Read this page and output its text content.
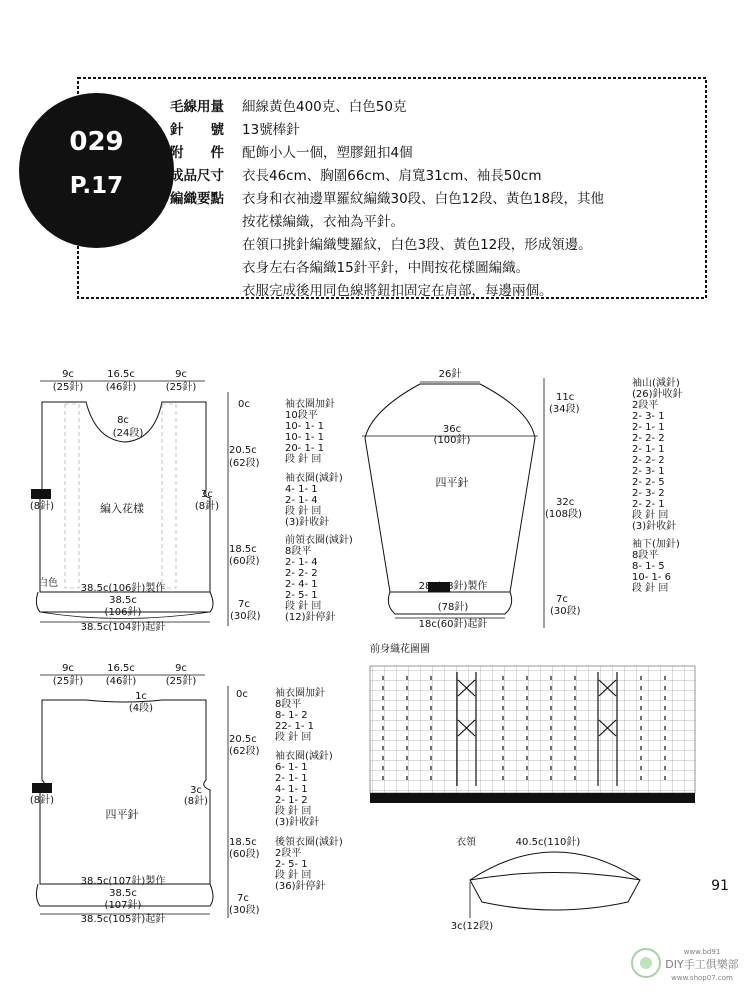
029
P.17
毛線用量	細線黃色400克、白色50克
針　　號	13號棒針
附　　件	配飾小人一個，塑膠鈕扣4個
成品尺寸	衣長46cm、胸圍66cm、肩寬31cm、袖長50cm
編織要點	衣身和衣袖邊單羅紋編織30段、白色12段、黃色18段，其他
按花樣編織，衣袖為平針。
在領口挑針編織雙羅紋，白色3段、黃色12段，形成領邊。
衣身左右各編織15針平針，中間按花樣圖編織。
衣服完成後用同色線將鈕扣固定在肩部，每邊兩個。
9c
(25針)
16.5c
(46針)
9c
(25針)
8c
(24段)
編入花樣
(8針)
3c
(8針)
白色 38.5c(106針)製作
38.5c
(106針)
38.5c(104針)起針
0c
20.5c
(62段)
18.5c
(60段)
7c
(30段)
袖衣圈加針
10段平
10- 1- 1
10- 1- 1
20- 1- 1
段 針 回
袖衣圈(減針)
4- 1- 1
2- 1- 4
段 針 回
(3)針收針
前領衣圈(減針)
8段平
2- 1- 4
2- 2- 2
2- 4- 1
2- 5- 1
段 針 回
(12)針停針
26針
36c
(100針)
四平針
28c(78針)製作
(78針)
18c(60針)起針
11c
(34段)
32c
(108段)
7c
(30段)
袖山(減針)
(26)針收針
2段平
2- 3- 1
2- 1- 1
2- 2- 2
2- 1- 1
2- 2- 2
2- 3- 1
2- 2- 5
2- 3- 2
2- 2- 1
段 針 回
(3)針收針
袖下(加針)
8段平
8- 1- 5
10- 1- 6
段 針 回
9c
(25針)
16.5c
(46針)
9c
(25針)
1c
(4段)
四平針
(8針)
3c
(8針)
38.5c(107針)製作
38.5c
(107針)
38.5c(105針)起針
0c
20.5c
(62段)
18.5c
(60段)
7c
(30段)
袖衣圈加針
8段平
8- 1- 2
22- 1- 1
段 針 回
袖衣圈(減針)
6- 1- 1
2- 1- 1
4- 1- 1
2- 1- 2
段 針 回
(3)針收針
後領衣圈(減針)
2段平
2- 5- 1
段 針 回
(36)針停針
前身織花圖圖
衣領	40.5c(110針)
3c(12段)
91
DIY手工俱樂部
www.shop07.com
www.bd91
